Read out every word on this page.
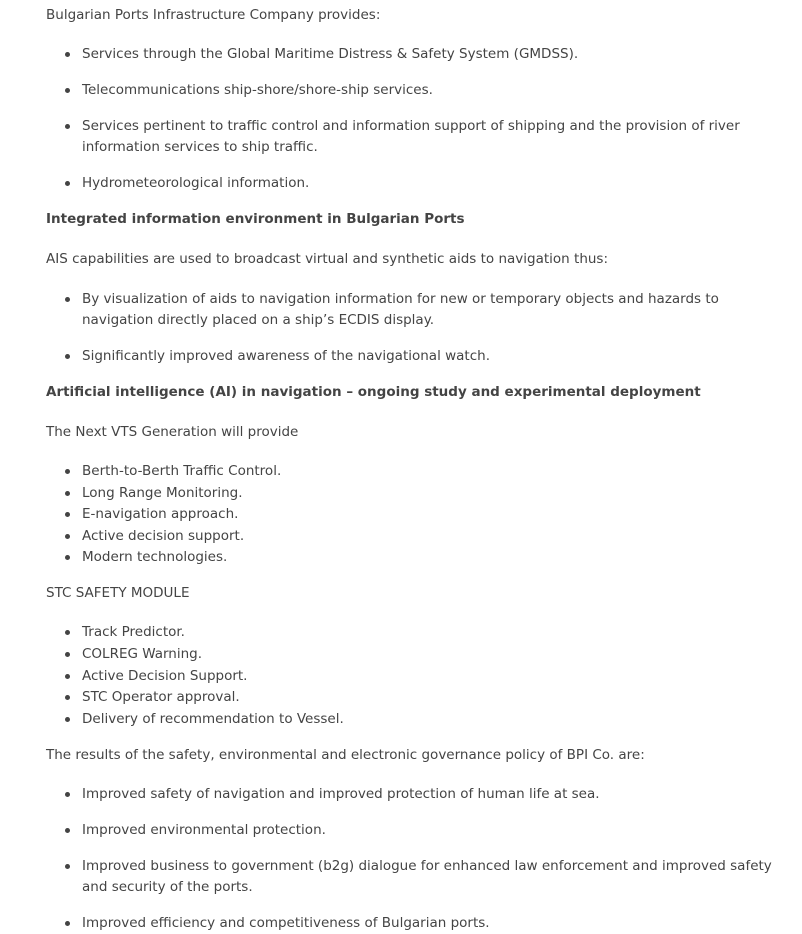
Bulgarian Ports Infrastructure Company provides:

Services through the Global Maritime Distress & Safety System (GMDSS).
Telecommunications ship-shore/shore-ship services.
Services pertinent to traffic control and information support of shipping and the provision of river information services to ship traffic.
Hydrometeorological information.

Integrated information environment in Bulgarian Ports

AIS capabilities are used to broadcast virtual and synthetic aids to navigation thus:

By visualization of aids to navigation information for new or temporary objects and hazards to navigation directly placed on a ship’s ECDIS display.
Significantly improved awareness of the navigational watch.

Artificial intelligence (AI) in navigation – ongoing study and experimental deployment

The Next VTS Generation will provide

Berth-to-Berth Traffic Control.
Long Range Monitoring.
E-navigation approach.
Active decision support.
Modern technologies.

STC SAFETY MODULE

Track Predictor.
COLREG Warning.
Active Decision Support.
STC Operator approval.
Delivery of recommendation to Vessel.

The results of the safety, environmental and electronic governance policy of BPI Co. are:

Improved safety of navigation and improved protection of human life at sea.
Improved environmental protection.
Improved business to government (b2g) dialogue for enhanced law enforcement and improved safety and security of the ports.
Improved efficiency and competitiveness of Bulgarian ports.
